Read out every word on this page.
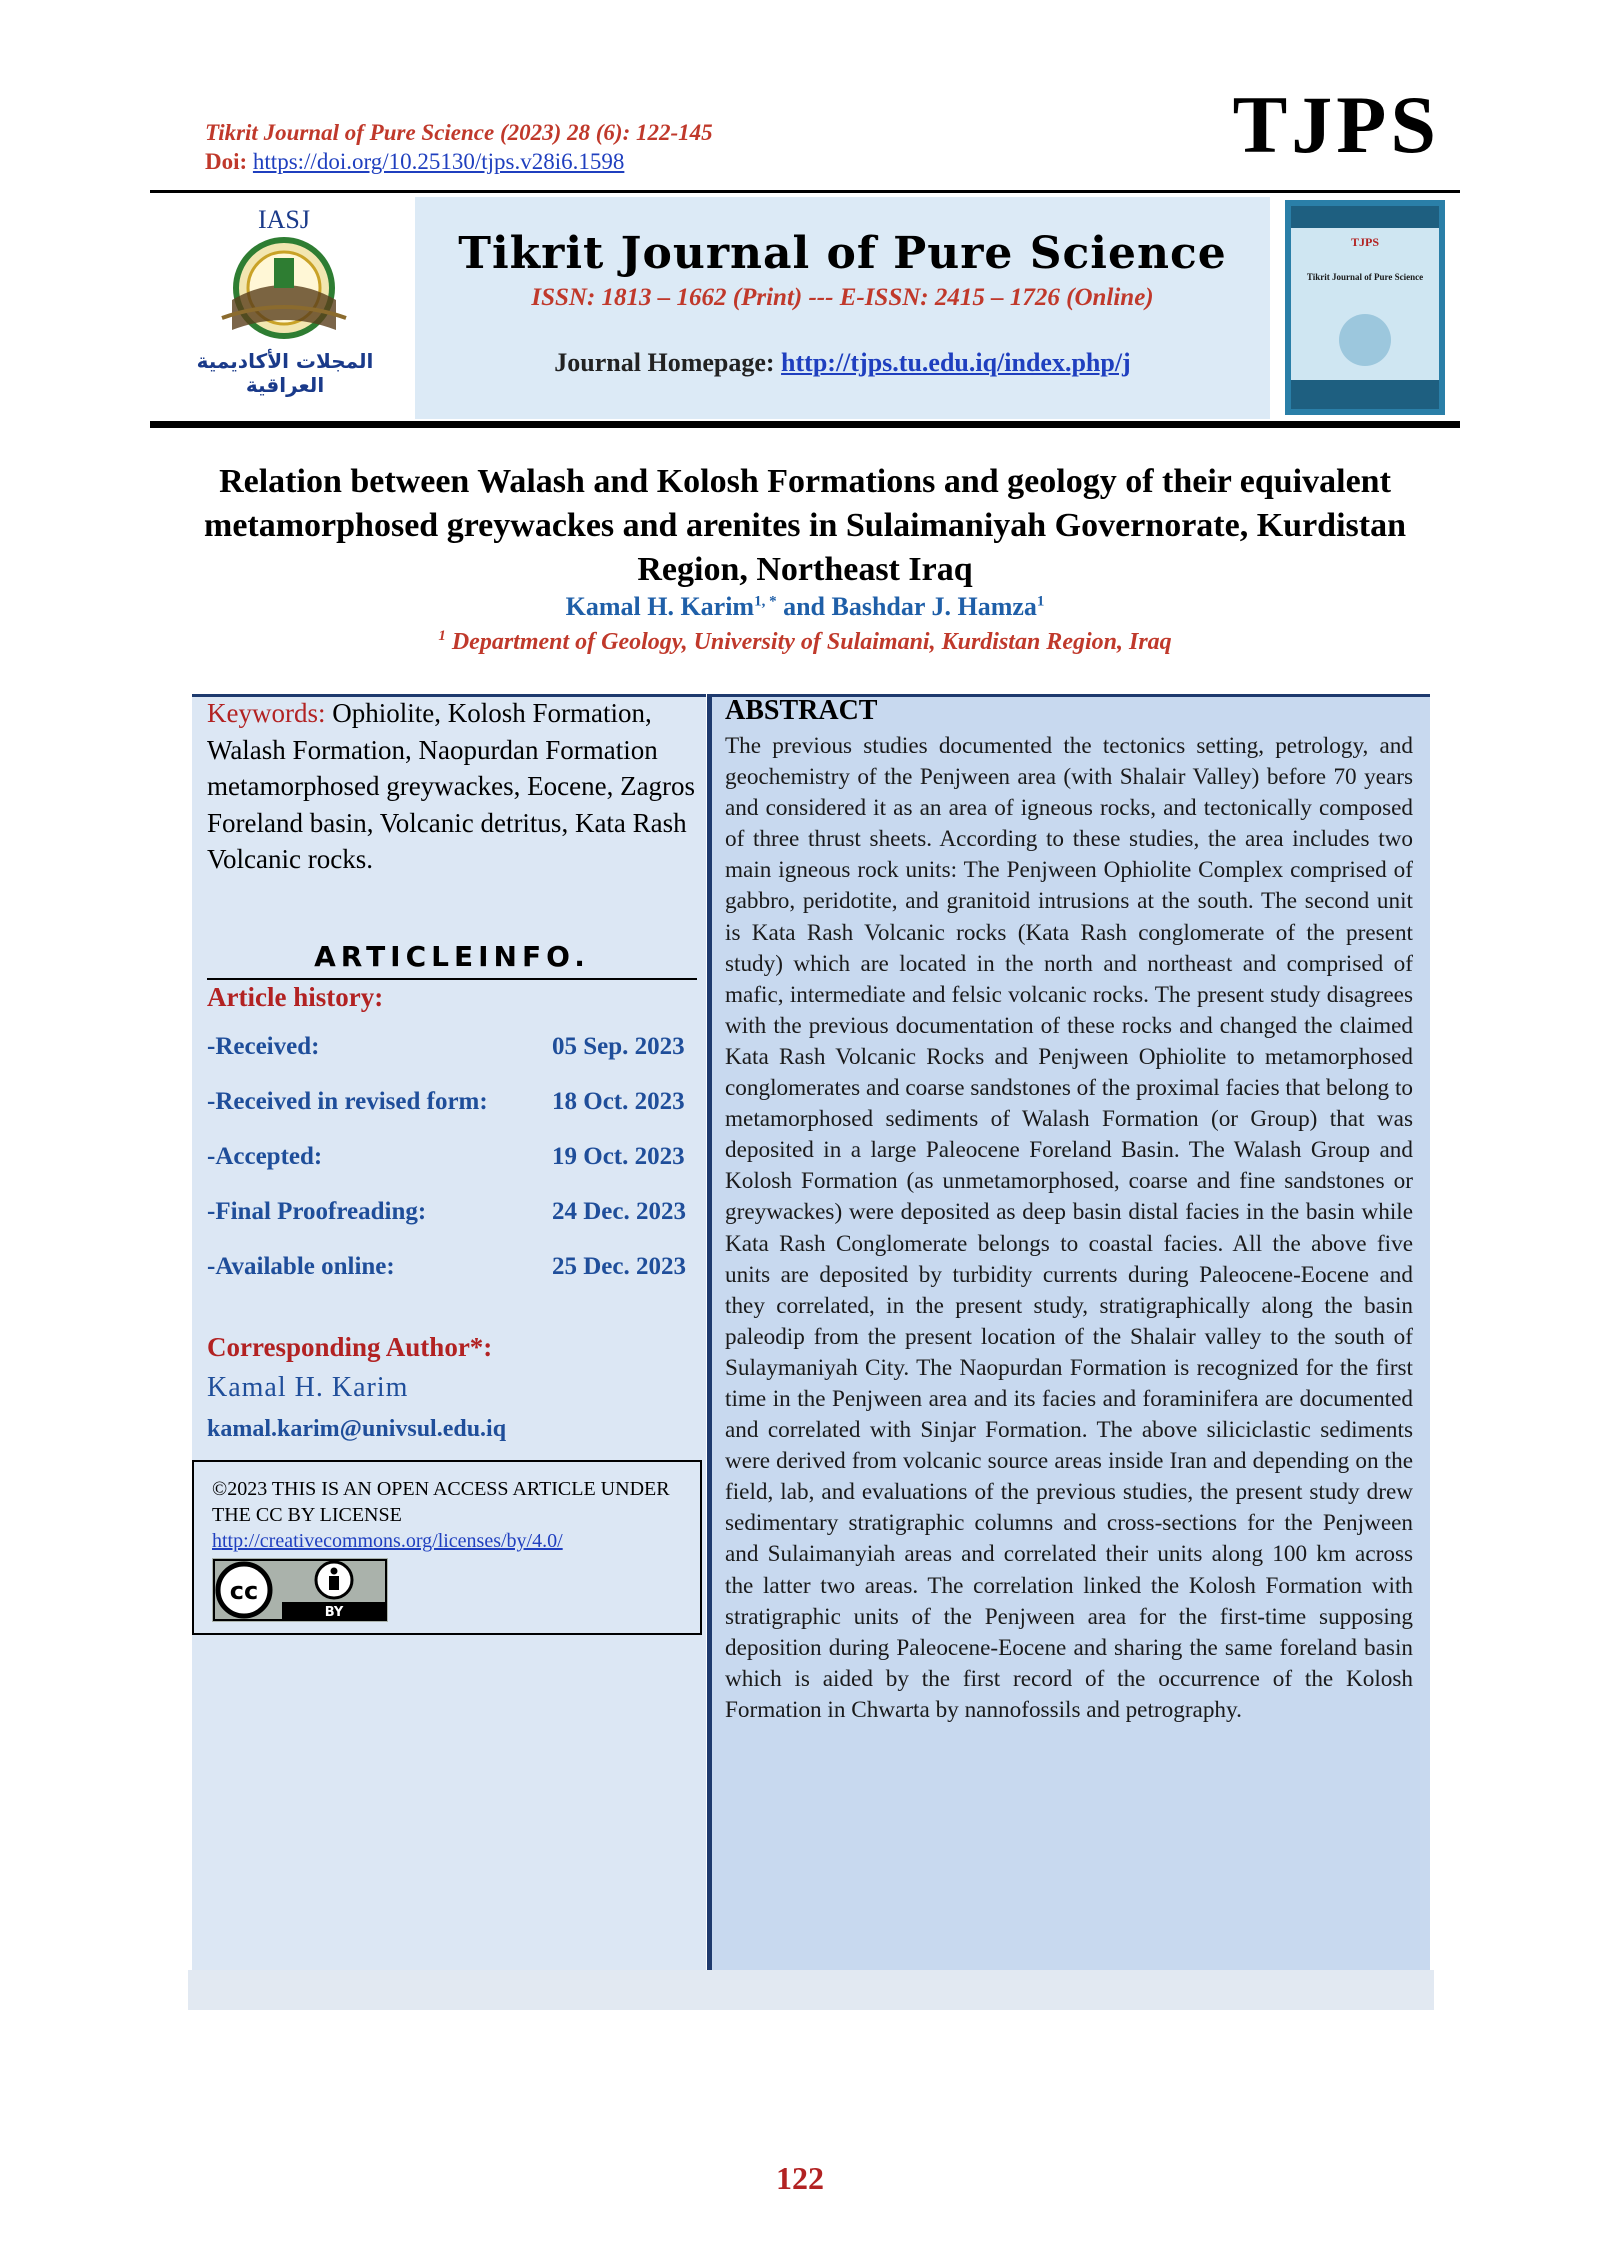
Tikrit Journal of Pure Science (2023) 28 (6): 122-145
Doi: https://doi.org/10.25130/tjps.v28i6.1598	TJPS
IASJ
المجلات الأكاديمية العراقية
Tikrit Journal of Pure Science
ISSN: 1813 – 1662 (Print) --- E-ISSN: 2415 – 1726 (Online)
Journal Homepage: http://tjps.tu.edu.iq/index.php/j
TJPS
Tikrit Journal of Pure Science
Relation between Walash and Kolosh Formations and geology of their equivalent metamorphosed greywackes and arenites in Sulaimaniyah Governorate, Kurdistan Region, Northeast Iraq
Kamal H. Karim$^{1, *}$ and Bashdar J. Hamza$^1$
$^1$ Department of Geology, University of Sulaimani, Kurdistan Region, Iraq
Keywords: Ophiolite, Kolosh Formation, Walash Formation, Naopurdan Formation metamorphosed greywackes, Eocene, Zagros Foreland basin, Volcanic detritus, Kata Rash Volcanic rocks.
ARTICLEINFO.
Article history:
-Received:	05 Sep. 2023
-Received in revised form:	18 Oct. 2023
-Accepted:	19 Oct. 2023
-Final Proofreading:	24 Dec. 2023
-Available online:	25 Dec. 2023
Corresponding Author*:
Kamal H. Karim
kamal.karim@univsul.edu.iq
©2023 THIS IS AN OPEN ACCESS ARTICLE UNDER THE CC BY LICENSE
http://creativecommons.org/licenses/by/4.0/
cc
BY
ABSTRACT
The previous studies documented the tectonics setting, petrology, and geochemistry of the Penjween area (with Shalair Valley) before 70 years and considered it as an area of igneous rocks, and tectonically composed of three thrust sheets. According to these studies, the area includes two main igneous rock units: The Penjween Ophiolite Complex comprised of gabbro, peridotite, and granitoid intrusions at the south. The second unit is Kata Rash Volcanic rocks (Kata Rash conglomerate of the present study) which are located in the north and northeast and comprised of mafic, intermediate and felsic volcanic rocks. The present study disagrees with the previous documentation of these rocks and changed the claimed Kata Rash Volcanic Rocks and Penjween Ophiolite to metamorphosed conglomerates and coarse sandstones of the proximal facies that belong to metamorphosed sediments of Walash Formation (or Group) that was deposited in a large Paleocene Foreland Basin. The Walash Group and Kolosh Formation (as unmetamorphosed, coarse and fine sandstones or greywackes) were deposited as deep basin distal facies in the basin while Kata Rash Conglomerate belongs to coastal facies. All the above five units are deposited by turbidity currents during Paleocene-Eocene and they correlated, in the present study, stratigraphically along the basin paleodip from the present location of the Shalair valley to the south of Sulaymaniyah City. The Naopurdan Formation is recognized for the first time in the Penjween area and its facies and foraminifera are documented and correlated with Sinjar Formation. The above siliciclastic sediments were derived from volcanic source areas inside Iran and depending on the field, lab, and evaluations of the previous studies, the present study drew sedimentary stratigraphic columns and cross-sections for the Penjween and Sulaimanyiah areas and correlated their units along 100 km across the latter two areas. The correlation linked the Kolosh Formation with stratigraphic units of the Penjween area for the first-time supposing deposition during Paleocene-Eocene and sharing the same foreland basin which is aided by the first record of the occurrence of the Kolosh Formation in Chwarta by nannofossils and petrography.
122
